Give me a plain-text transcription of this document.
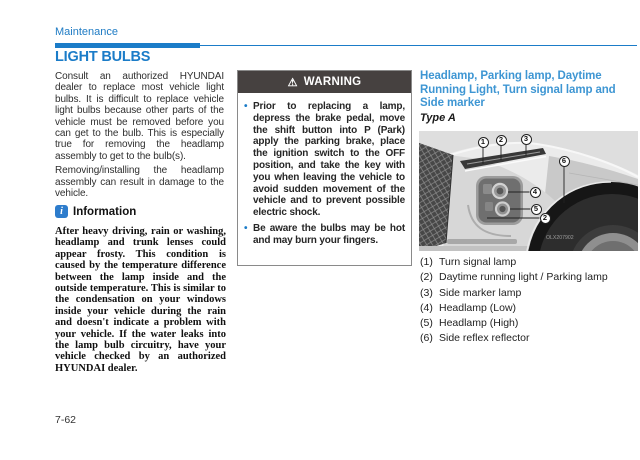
Maintenance
LIGHT BULBS

Consult an authorized HYUNDAI dealer to replace most vehicle light bulbs. It is difficult to replace vehicle light bulbs because other parts of the vehicle must be removed before you can get to the bulb. This is especially true for removing the headlamp assembly to get to the bulb(s).

Removing/installing the headlamp assembly can result in damage to the vehicle.

i Information
After heavy driving, rain or washing, headlamp and trunk lenses could appear frosty. This condition is caused by the temperature difference between the lamp inside and the outside temperature. This is similar to the condensation on your windows inside your vehicle during the rain and doesn't indicate a problem with your vehicle. If the water leaks into the lamp bulb circuitry, have your vehicle checked by an authorized HYUNDAI dealer.
⚠ WARNING
• Prior to replacing a lamp, depress the brake pedal, move the shift button into P (Park) apply the parking brake, place the ignition switch to the OFF position, and take the key with you when leaving the vehicle to avoid sudden movement of the vehicle and to prevent possible electric shock.
• Be aware the bulbs may be hot and may burn your fingers.
Headlamp, Parking lamp, Daytime Running Light, Turn signal lamp and Side marker
Type A
OLX207902
1	2	3
6
4
5
2
(1) Turn signal lamp
(2) Daytime running light / Parking lamp
(3) Side marker lamp
(4) Headlamp (Low)
(5) Headlamp (High)
(6) Side reflex reflector
7-62
